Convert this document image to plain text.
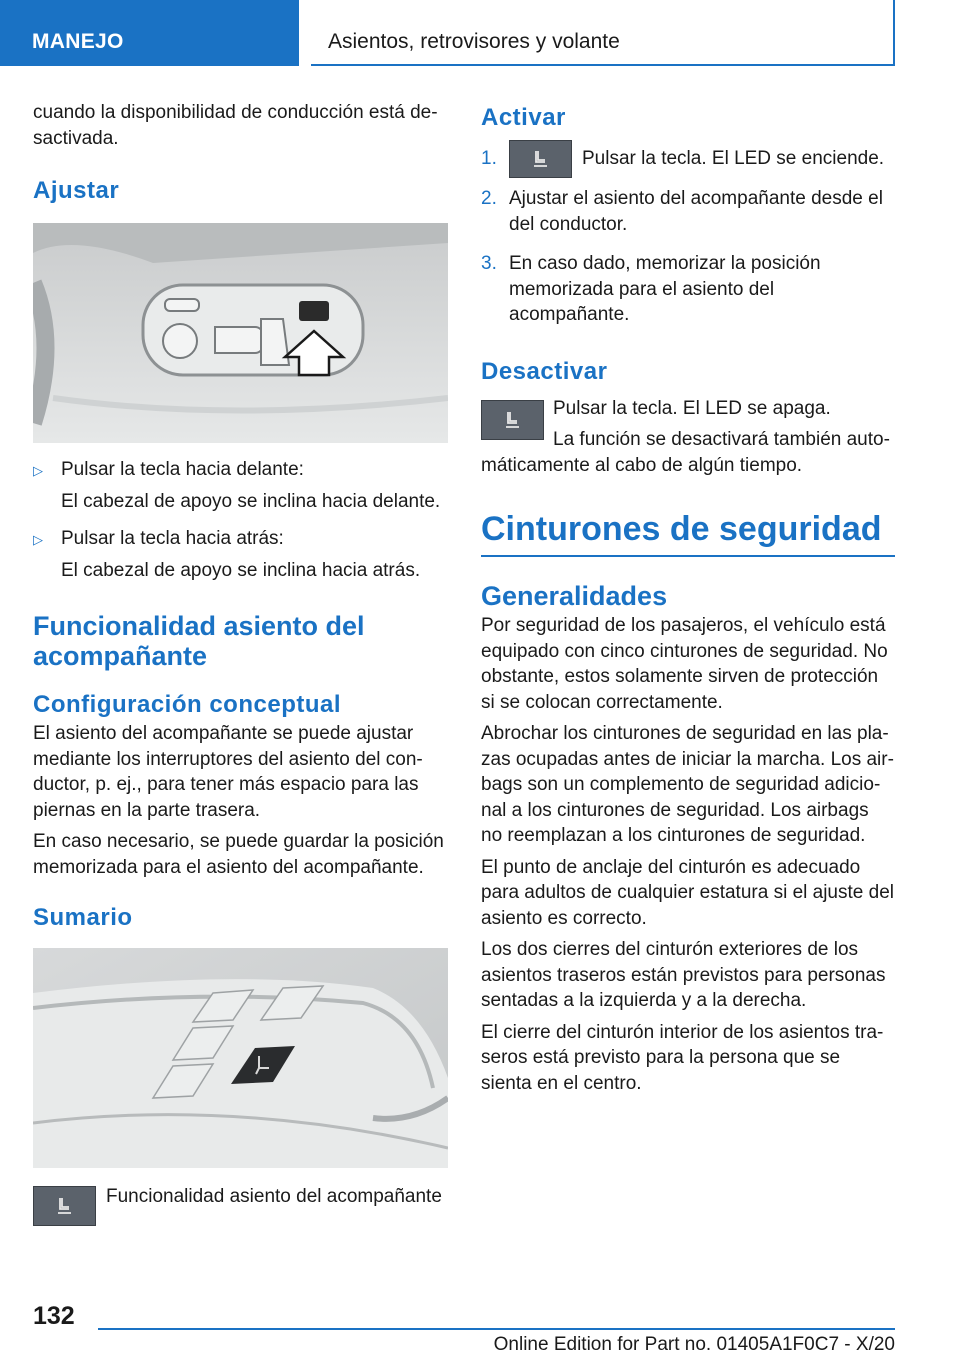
MANEJO	Asientos, retrovisores y volante

cuando la disponibilidad de conducción está desactivada.

Ajustar
▷ Pulsar la tecla hacia delante:

El cabezal de apoyo se inclina hacia delante.

▷ Pulsar la tecla hacia atrás:

El cabezal de apoyo se inclina hacia atrás.

Funcionalidad asiento del acompañante
Configuración conceptual

El asiento del acompañante se puede ajustar mediante los interruptores del asiento del conductor, p. ej., para tener más espacio para las piernas en la parte trasera.

En caso necesario, se puede guardar la posición memorizada para el asiento del acompañante.

Sumario

Funcionalidad asiento del acompañante

Activar
1.	Pulsar la tecla. El LED se enciende.

2. Ajustar el asiento del acompañante desde el del conductor.

3. En caso dado, memorizar la posición memorizada para el asiento del acompañante.

Desactivar

Pulsar la tecla. El LED se apaga.

La función se desactivará también automáticamente al cabo de algún tiempo.

Cinturones de seguridad
Generalidades

Por seguridad de los pasajeros, el vehículo está equipado con cinco cinturones de seguridad. No obstante, estos solamente sirven de protección si se colocan correctamente.

Abrochar los cinturones de seguridad en las plazas ocupadas antes de iniciar la marcha. Los airbags son un complemento de seguridad adicional a los cinturones de seguridad. Los airbags no reemplazan a los cinturones de seguridad.

El punto de anclaje del cinturón es adecuado para adultos de cualquier estatura si el ajuste del asiento es correcto.

Los dos cierres del cinturón exteriores de los asientos traseros están previstos para personas sentadas a la izquierda y a la derecha.

El cierre del cinturón interior de los asientos traseros está previsto para la persona que se sienta en el centro.

132
Online Edition for Part no. 01405A1F0C7 - X/20
